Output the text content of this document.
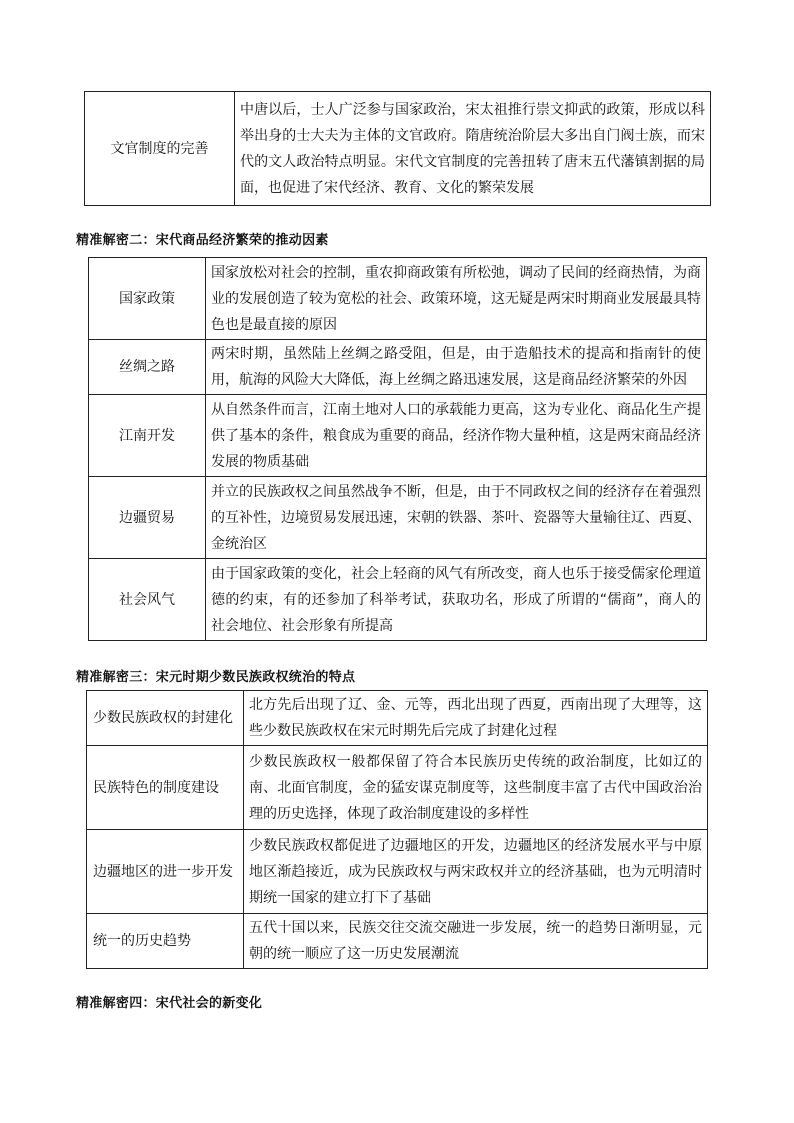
文官制度的完善	中唐以后，士人广泛参与国家政治，宋太祖推行崇文抑武的政策，形成以科举出身的士大夫为主体的文官政府。隋唐统治阶层大多出自门阀士族，而宋代的文人政治特点明显。宋代文官制度的完善扭转了唐末五代藩镇割据的局面，也促进了宋代经济、教育、文化的繁荣发展
精准解密二：宋代商品经济繁荣的推动因素
国家政策	国家放松对社会的控制，重农抑商政策有所松弛，调动了民间的经商热情，为商业的发展创造了较为宽松的社会、政策环境，这无疑是两宋时期商业发展最具特色也是最直接的原因
丝绸之路	两宋时期，虽然陆上丝绸之路受阻，但是，由于造船技术的提高和指南针的使用，航海的风险大大降低，海上丝绸之路迅速发展，这是商品经济繁荣的外因
江南开发	从自然条件而言，江南土地对人口的承载能力更高，这为专业化、商品化生产提供了基本的条件，粮食成为重要的商品，经济作物大量种植，这是两宋商品经济发展的物质基础
边疆贸易	并立的民族政权之间虽然战争不断，但是，由于不同政权之间的经济存在着强烈的互补性，边境贸易发展迅速，宋朝的铁器、茶叶、瓷器等大量输往辽、西夏、金统治区
社会风气	由于国家政策的变化，社会上轻商的风气有所改变，商人也乐于接受儒家伦理道德的约束，有的还参加了科举考试，获取功名，形成了所谓的“儒商”，商人的社会地位、社会形象有所提高
精准解密三：宋元时期少数民族政权统治的特点
少数民族政权的封建化	北方先后出现了辽、金、元等，西北出现了西夏，西南出现了大理等，这些少数民族政权在宋元时期先后完成了封建化过程
民族特色的制度建设	少数民族政权一般都保留了符合本民族历史传统的政治制度，比如辽的南、北面官制度，金的猛安谋克制度等，这些制度丰富了古代中国政治治理的历史选择，体现了政治制度建设的多样性
边疆地区的进一步开发	少数民族政权都促进了边疆地区的开发，边疆地区的经济发展水平与中原地区渐趋接近，成为民族政权与两宋政权并立的经济基础，也为元明清时期统一国家的建立打下了基础
统一的历史趋势	五代十国以来，民族交往交流交融进一步发展，统一的趋势日渐明显，元朝的统一顺应了这一历史发展潮流
精准解密四：宋代社会的新变化
